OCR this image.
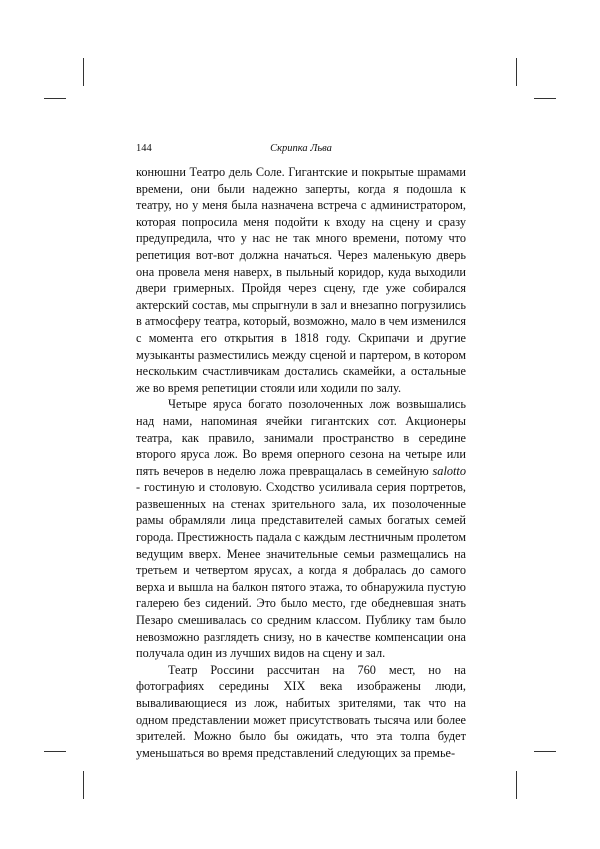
144	Скрипка Льва

конюшни Театро дель Соле. Гигантские и покрытые шрамами времени, они были надежно заперты, когда я подошла к театру, но у меня была назначена встреча с администратором, которая попросила меня подойти к входу на сцену и сразу предупредила, что у нас не так много времени, потому что репетиция вот-вот должна начаться. Через маленькую дверь она провела меня наверх, в пыльный коридор, куда выходили двери гримерных. Пройдя через сцену, где уже собирался актерский состав, мы спрыгнули в зал и внезапно погрузились в атмосферу театра, который, возможно, мало в чем изменился с момента его открытия в 1818 году. Скрипачи и другие музыканты разместились между сценой и партером, в котором нескольким счастливчикам достались скамейки, а остальные же во время репетиции стояли или ходили по залу.

Четыре яруса богато позолоченных лож возвышались над нами, напоминая ячейки гигантских сот. Акционеры театра, как правило, занимали пространство в середине второго яруса лож. Во время оперного сезона на четыре или пять вечеров в неделю ложа превращалась в семейную salotto - гостиную и столовую. Сходство усиливала серия портретов, развешенных на стенах зрительного зала, их позолоченные рамы обрамляли лица представителей самых богатых семей города. Престижность падала с каждым лестничным пролетом ведущим вверх. Менее значительные семьи размещались на третьем и четвертом ярусах, а когда я добралась до самого верха и вышла на балкон пятого этажа, то обнаружила пустую галерею без сидений. Это было место, где обедневшая знать Пезаро смешивалась со средним классом. Публику там было невозможно разглядеть снизу, но в качестве компенсации она получала один из лучших видов на сцену и зал.

Театр Россини рассчитан на 760 мест, но на фотографиях середины XIX века изображены люди, вываливающиеся из лож, набитых зрителями, так что на одном представлении может присутствовать тысяча или более зрителей. Можно было бы ожидать, что эта толпа будет уменьшаться во время представлений следующих за премье-
